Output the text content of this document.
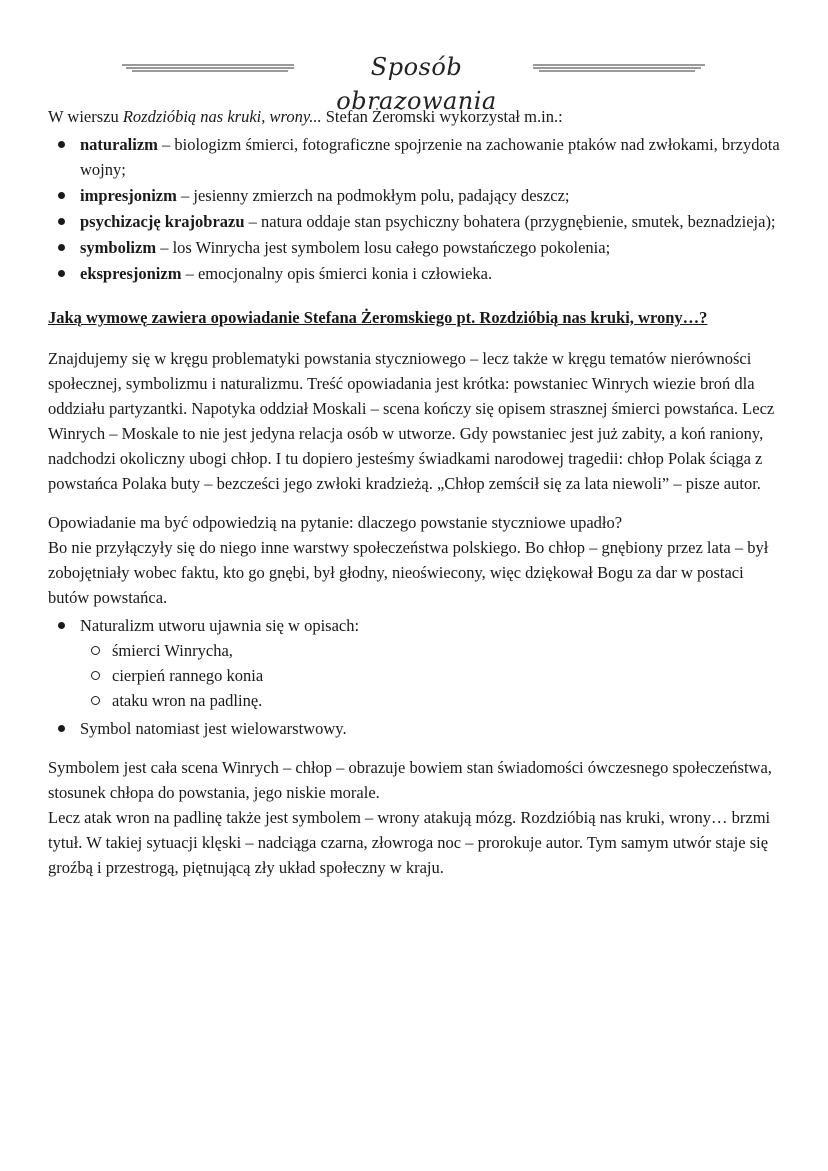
Sposób obrazowania

W wierszu Rozdzióbią nas kruki, wrony... Stefan Żeromski wykorzystał m.in.:

naturalizm – biologizm śmierci, fotograficzne spojrzenie na zachowanie ptaków nad zwłokami, brzydota wojny;
impresjonizm – jesienny zmierzch na podmokłym polu, padający deszcz;
psychizację krajobrazu – natura oddaje stan psychiczny bohatera (przygnębienie, smutek, beznadzieja);
symbolizm – los Winrycha jest symbolem losu całego powstańczego pokolenia;
ekspresjonizm – emocjonalny opis śmierci konia i człowieka.

Jaką wymowę zawiera opowiadanie Stefana Żeromskiego pt. Rozdzióbią nas kruki, wrony…?

Znajdujemy się w kręgu problematyki powstania styczniowego – lecz także w kręgu tematów nierówności społecznej, symbolizmu i naturalizmu. Treść opowiadania jest krótka: powstaniec Winrych wiezie broń dla oddziału partyzantki. Napotyka oddział Moskali – scena kończy się opisem strasznej śmierci powstańca. Lecz Winrych – Moskale to nie jest jedyna relacja osób w utworze. Gdy powstaniec jest już zabity, a koń raniony, nadchodzi okoliczny ubogi chłop. I tu dopiero jesteśmy świadkami narodowej tragedii: chłop Polak ściąga z powstańca Polaka buty – bezcześci jego zwłoki kradzieżą. „Chłop zemścił się za lata niewoli” – pisze autor.

Opowiadanie ma być odpowiedzią na pytanie: dlaczego powstanie styczniowe upadło?

Bo nie przyłączyły się do niego inne warstwy społeczeństwa polskiego. Bo chłop – gnębiony przez lata – był zobojętniały wobec faktu, kto go gnębi, był głodny, nieoświecony, więc dziękował Bogu za dar w postaci butów powstańca.

Naturalizm utworu ujawnia się w opisach:
śmierci Winrycha,
cierpień rannego konia
ataku wron na padlinę.
Symbol natomiast jest wielowarstwowy.

Symbolem jest cała scena Winrych – chłop – obrazuje bowiem stan świadomości ówczesnego społeczeństwa, stosunek chłopa do powstania, jego niskie morale.

Lecz atak wron na padlinę także jest symbolem – wrony atakują mózg. Rozdzióbią nas kruki, wrony… brzmi tytuł. W takiej sytuacji klęski – nadciąga czarna, złowroga noc – prorokuje autor. Tym samym utwór staje się groźbą i przestrogą, piętnującą zły układ społeczny w kraju.
